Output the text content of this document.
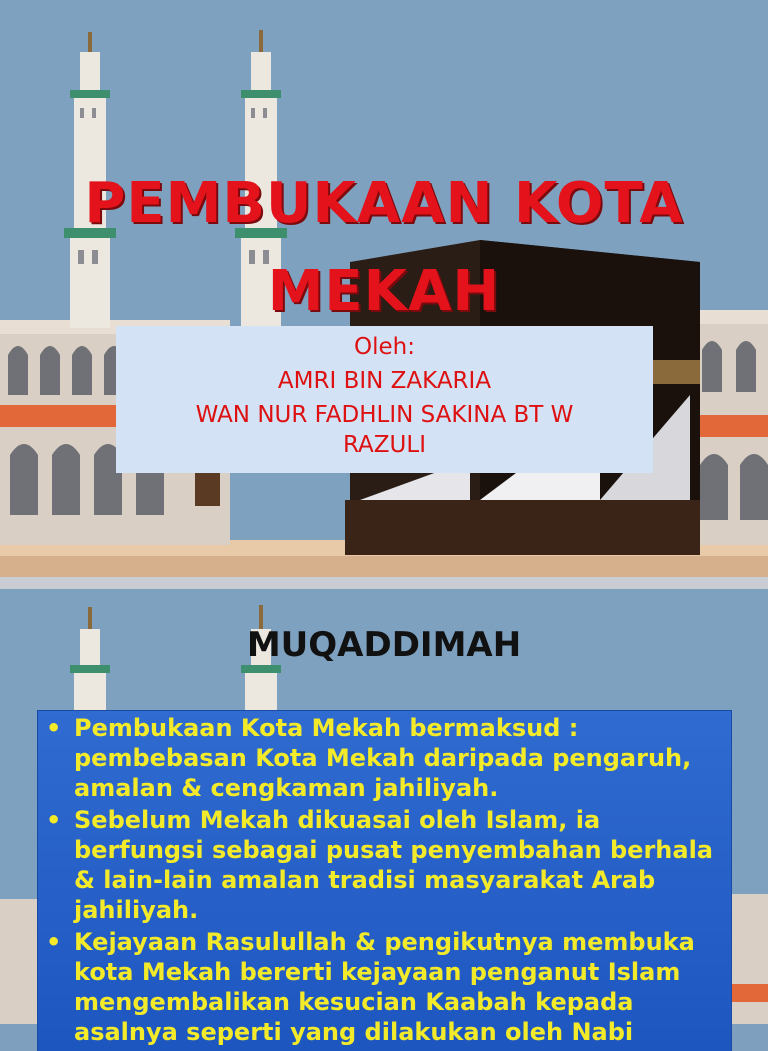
PEMBUKAAN KOTA
MEKAH
Oleh:
AMRI BIN ZAKARIA
WAN NUR FADHLIN SAKINA BT W
RAZULI
MUQADDIMAH
• Pembukaan Kota Mekah bermaksud : pembebasan Kota Mekah daripada pengaruh, amalan & cengkaman jahiliyah.
• Sebelum Mekah dikuasai oleh Islam, ia berfungsi sebagai pusat penyembahan berhala & lain-lain amalan tradisi masyarakat Arab jahiliyah.
• Kejayaan Rasulullah & pengikutnya membuka kota Mekah bererti kejayaan penganut Islam mengembalikan kesucian Kaabah kepada asalnya seperti yang dilakukan oleh Nabi
